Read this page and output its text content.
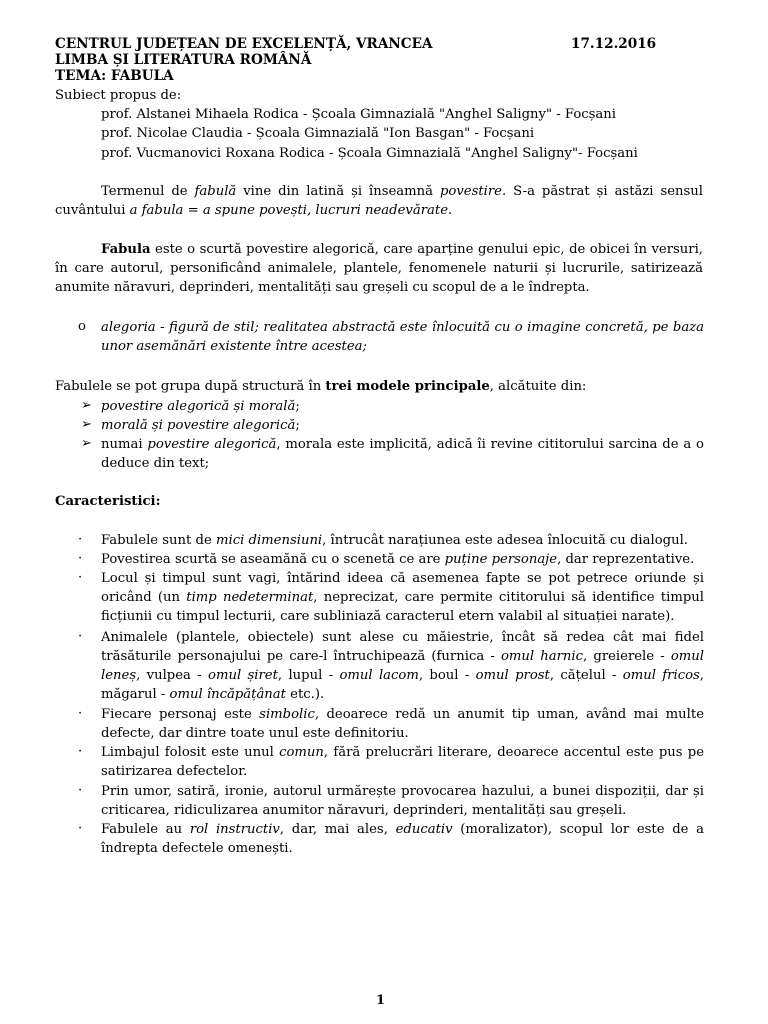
CENTRUL JUDEȚEAN DE EXCELENȚĂ, VRANCEA	17.12.2016
LIMBA ȘI LITERATURA ROMÂNĂ
TEMA: FABULA
Subiect propus de:
prof. Alstanei Mihaela Rodica - Școala Gimnazială "Anghel Saligny" - Focșani
prof. Nicolae Claudia - Școala Gimnazială "Ion Basgan" - Focșani
prof. Vucmanovici Roxana Rodica - Școala Gimnazială "Anghel Saligny"- Focșani
Termenul de fabulă vine din latină și înseamnă povestire. S-a păstrat și astăzi sensul cuvântului a fabula = a spune povești, lucruri neadevărate.
Fabula este o scurtă povestire alegorică, care aparține genului epic, de obicei în versuri, în care autorul, personificând animalele, plantele, fenomenele naturii și lucrurile, satirizează anumite năravuri, deprinderi, mentalități sau greșeli cu scopul de a le îndrepta.
o alegoria - figură de stil; realitatea abstractă este înlocuită cu o imagine concretă, pe baza unor asemănări existente între acestea;
Fabulele se pot grupa după structură în trei modele principale, alcătuite din:
➢ povestire alegorică și morală;
➢ morală și povestire alegorică;
➢ numai povestire alegorică, morala este implicită, adică îi revine cititorului sarcina de a o deduce din text;
Caracteristici:
· Fabulele sunt de mici dimensiuni, întrucât narațiunea este adesea înlocuită cu dialogul.
· Povestirea scurtă se aseamănă cu o scenetă ce are puține personaje, dar reprezentative.
· Locul și timpul sunt vagi, întărind ideea că asemenea fapte se pot petrece oriunde și oricând (un timp nedeterminat, neprecizat, care permite cititorului să identifice timpul ficțiunii cu timpul lecturii, care subliniază caracterul etern valabil al situației narate).
· Animalele (plantele, obiectele) sunt alese cu măiestrie, încât să redea cât mai fidel trăsăturile personajului pe care-l întruchipează (furnica - omul harnic, greierele - omul leneș, vulpea - omul șiret, lupul - omul lacom, boul - omul prost, cățelul - omul fricos, măgarul - omul încăpățânat etc.).
· Fiecare personaj este simbolic, deoarece redă un anumit tip uman, având mai multe defecte, dar dintre toate unul este definitoriu.
· Limbajul folosit este unul comun, fără prelucrări literare, deoarece accentul este pus pe satirizarea defectelor.
· Prin umor, satiră, ironie, autorul urmărește provocarea hazului, a bunei dispoziții, dar și criticarea, ridiculizarea anumitor năravuri, deprinderi, mentalități sau greșeli.
· Fabulele au rol instructiv, dar, mai ales, educativ (moralizator), scopul lor este de a îndrepta defectele omenești.
1
